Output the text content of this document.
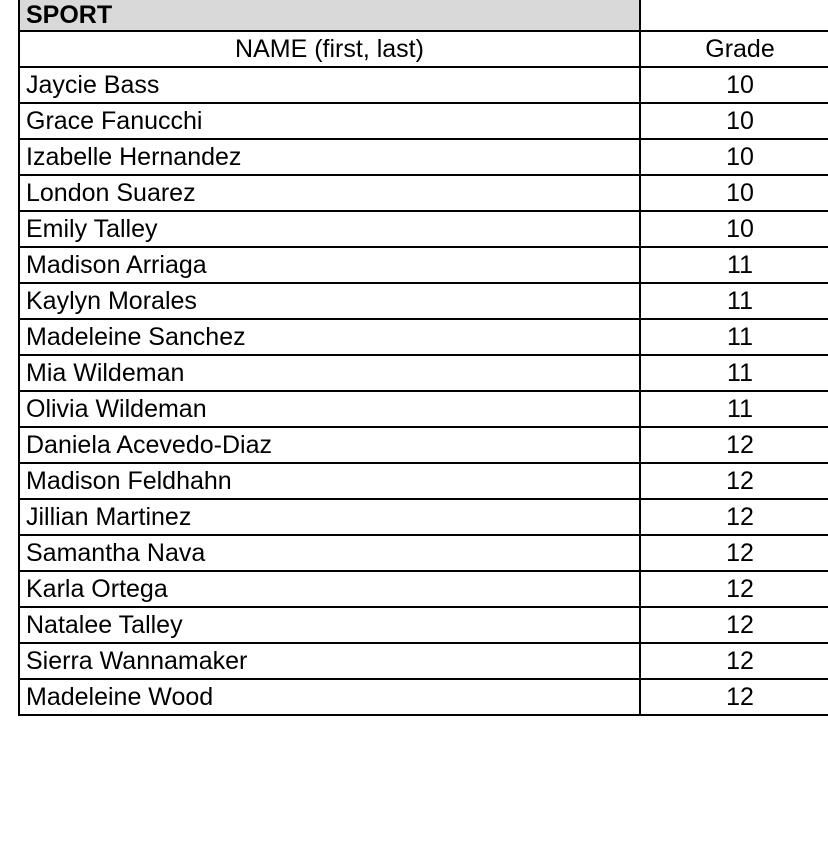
SPORT	
NAME (first, last)	Grade
Jaycie Bass	10
Grace Fanucchi	10
Izabelle Hernandez	10
London Suarez	10
Emily Talley	10
Madison Arriaga	11
Kaylyn Morales	11
Madeleine Sanchez	11
Mia Wildeman	11
Olivia Wildeman	11
Daniela Acevedo-Diaz	12
Madison Feldhahn	12
Jillian Martinez	12
Samantha Nava	12
Karla Ortega	12
Natalee Talley	12
Sierra Wannamaker	12
Madeleine Wood	12
